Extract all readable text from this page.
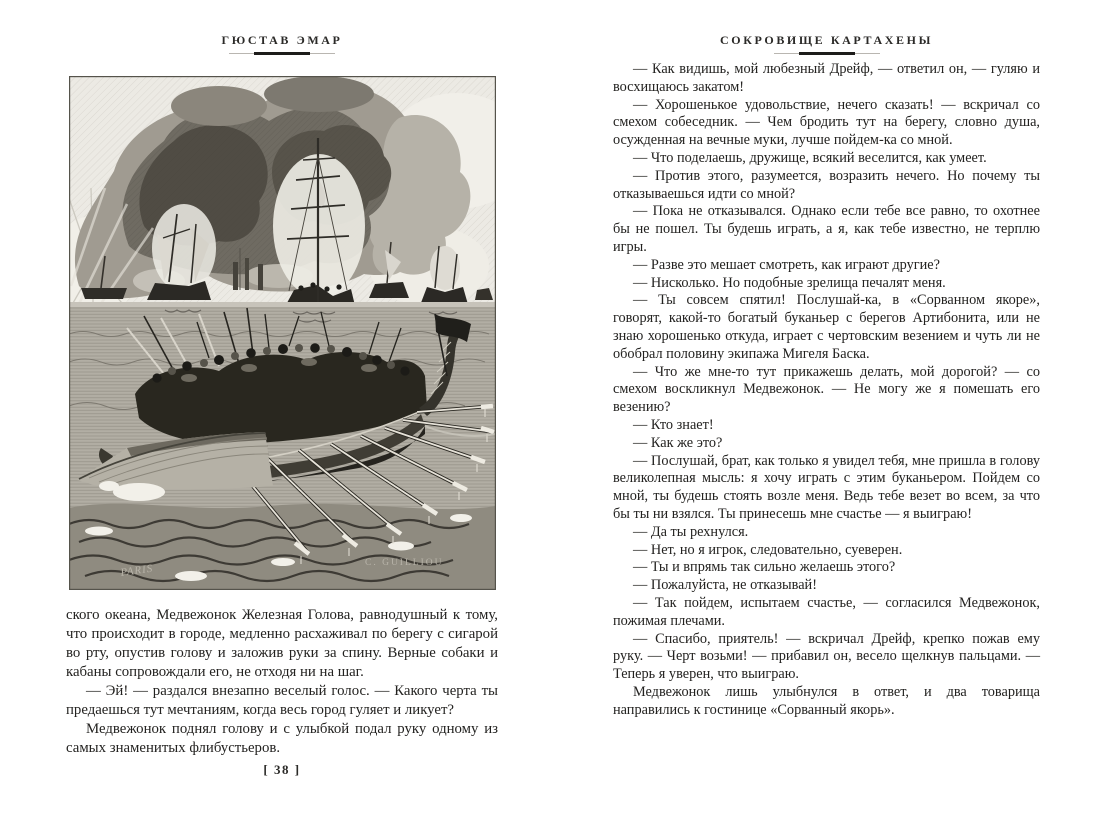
ГЮСТАВ ЭМАР
PARIS	C. GUILLIOU

ского океана, Медвежонок Железная Голова, равнодушный к тому, что происходит в городе, медленно расхаживал по берегу с сигарой во рту, опустив голову и заложив руки за спину. Верные собаки и кабаны сопровождали его, не отходя ни на шаг.

— Эй! — раздался внезапно веселый голос. — Какого черта ты предаешься тут мечтаниям, когда весь город гуляет и ликует?

Медвежонок поднял голову и с улыбкой подал руку одному из самых знаменитых флибустьеров.

[ 38 ]
СОКРОВИЩЕ КАРТАХЕНЫ

— Как видишь, мой любезный Дрейф, — ответил он, — гуляю и восхищаюсь закатом!

— Хорошенькое удовольствие, нечего сказать! — вскричал со смехом собеседник. — Чем бродить тут на берегу, словно душа, осужденная на вечные муки, лучше пойдем-ка со мной.

— Что поделаешь, дружище, всякий веселится, как умеет.

— Против этого, разумеется, возразить нечего. Но почему ты отказываешься идти со мной?

— Пока не отказывался. Однако если тебе все равно, то охотнее бы не пошел. Ты будешь играть, а я, как тебе известно, не терплю игры.

— Разве это мешает смотреть, как играют другие?

— Нисколько. Но подобные зрелища печалят меня.

— Ты совсем спятил! Послушай-ка, в «Сорванном якоре», говорят, какой-то богатый буканьер с берегов Артибонита, или не знаю хорошенько откуда, играет с чертовским везением и чуть ли не обобрал половину экипажа Мигеля Баска.

— Что же мне-то тут прикажешь делать, мой дорогой? — со смехом воскликнул Медвежонок. — Не могу же я помешать его везению?

— Кто знает!

— Как же это?

— Послушай, брат, как только я увидел тебя, мне пришла в голову великолепная мысль: я хочу играть с этим буканьером. Пойдем со мной, ты будешь стоять возле меня. Ведь тебе везет во всем, за что бы ты ни взялся. Ты принесешь мне счастье — я выиграю!

— Да ты рехнулся.

— Нет, но я игрок, следовательно, суеверен.

— Ты и впрямь так сильно желаешь этого?

— Пожалуйста, не отказывай!

— Так пойдем, испытаем счастье, — согласился Медвежонок, пожимая плечами.

— Спасибо, приятель! — вскричал Дрейф, крепко пожав ему руку. — Черт возьми! — прибавил он, весело щелкнув пальцами. — Теперь я уверен, что выиграю.

Медвежонок лишь улыбнулся в ответ, и два товарища направились к гостинице «Сорванный якорь».
